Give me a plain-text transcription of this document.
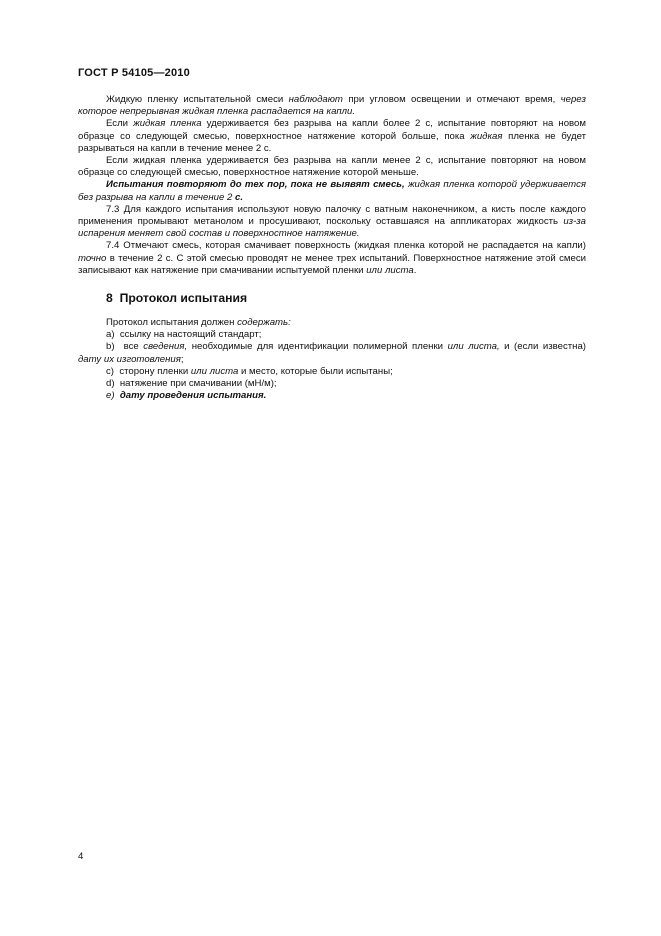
ГОСТ Р 54105—2010

Жидкую пленку испытательной смеси наблюдают при угловом освещении и отмечают время, через которое непрерывная жидкая пленка распадается на капли.

Если жидкая пленка удерживается без разрыва на капли более 2 с, испытание повторяют на новом образце со следующей смесью, поверхностное натяжение которой больше, пока жидкая пленка не будет разрываться на капли в течение менее 2 с.

Если жидкая пленка удерживается без разрыва на капли менее 2 с, испытание повторяют на новом образце со следующей смесью, поверхностное натяжение которой меньше.

Испытания повторяют до тех пор, пока не выявят смесь, жидкая пленка которой удерживается без разрыва на капли в течение 2 с.

7.3 Для каждого испытания используют новую палочку с ватным наконечником, а кисть после каждого применения промывают метанолом и просушивают, поскольку оставшаяся на аппликаторах жидкость из-за испарения меняет свой состав и поверхностное натяжение.

7.4 Отмечают смесь, которая смачивает поверхность (жидкая пленка которой не распадается на капли) точно в течение 2 с. С этой смесью проводят не менее трех испытаний. Поверхностное натяжение этой смеси записывают как натяжение при смачивании испытуемой пленки или листа.

8 Протокол испытания

Протокол испытания должен содержать:

a) ссылку на настоящий стандарт;

b) все сведения, необходимые для идентификации полимерной пленки или листа, и (если известна) дату их изготовления;

c) сторону пленки или листа и место, которые были испытаны;

d) натяжение при смачивании (мН/м);

e) дату проведения испытания.

4
